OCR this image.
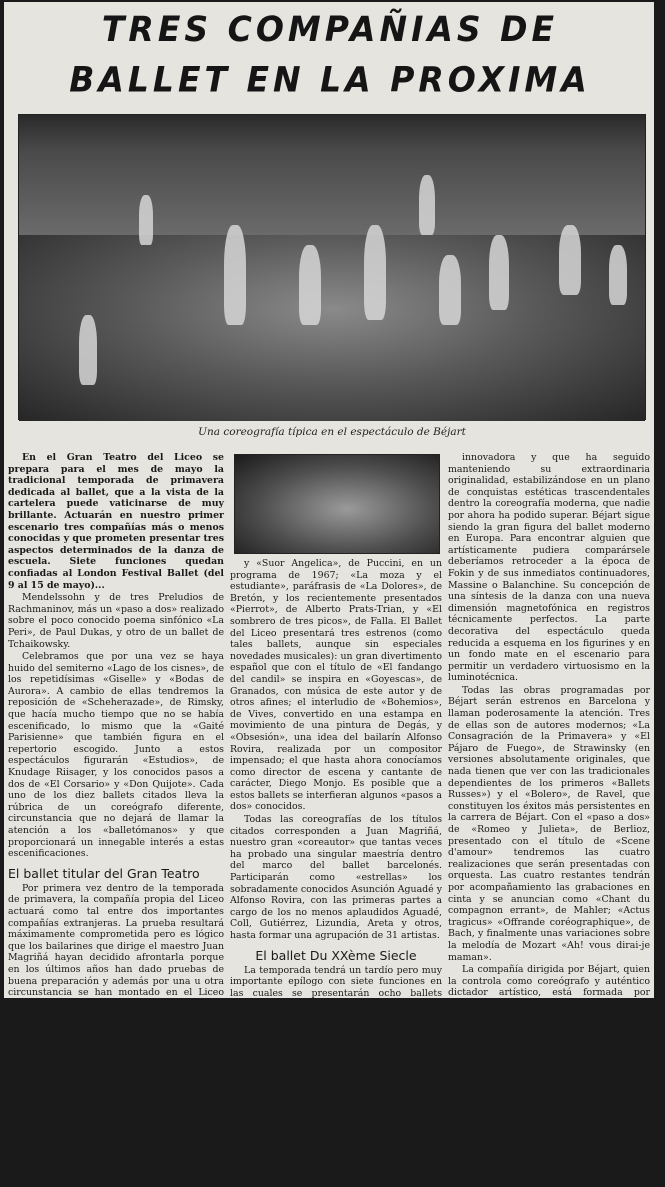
TRES COMPAÑIAS DE BALLET EN LA PROXIMA
Una coreografía típica en el espectáculo de Béjart

En el Gran Teatro del Liceo se prepara para el mes de mayo la tradicional temporada de primavera dedicada al ballet, que a la vista de la cartelera puede vaticinarse de muy brillante. Actuarán en nuestro primer escenario tres compañías más o menos conocidas y que prometen presentar tres aspectos determinados de la danza de escuela. Siete funciones quedan confiadas al London Festival Ballet (del 9 al 15 de mayo)...

Mendelssohn y de tres Preludios de Rachmaninov, más un «paso a dos» realizado sobre el poco conocido poema sinfónico «La Peri», de Paul Dukas, y otro de un ballet de Tchaikowsky.

Celebramos que por una vez se haya huido del semiterno «Lago de los cisnes», de los repetidísimas «Giselle» y «Bodas de Aurora». A cambio de ellas tendremos la reposición de «Scheherazade», de Rimsky, que hacía mucho tiempo que no se había escenificado, lo mismo que la «Gaité Parisienne» que también figura en el repertorio escogido. Junto a estos espectáculos figurarán «Estudios», de Knudage Riisager, y los conocidos pasos a dos de «El Corsario» y «Don Quijote». Cada uno de los diez ballets citados lleva la rúbrica de un coreógrafo diferente, circunstancia que no dejará de llamar la atención a los «balletómanos» y que proporcionará un innegable interés a estas escenificaciones.

El ballet titular del Gran Teatro

Por primera vez dentro de la temporada de primavera, la compañía propia del Liceo actuará como tal entre dos importantes compañías extranjeras. La prueba resultará máximamente comprometida pero es lógico que los bailarines que dirige el maestro Juan Magriñá hayan decidido afrontarla porque en los últimos años han dado pruebas de buena preparación y además por una u otra circunstancia se han montado en el Liceo varios ballets de carácter clásico-español que merecían una atención superior a la que el público les ha prestado al figurar en los programas operísticos como un complemento secundario. Son estos «A tiempo romántico», que si no recordamos mal se presentó junto con la ópera «María del Carmen», de Granados; «El duelo», del compositor

y «Suor Angelica», de Puccini, en un programa de 1967; «La moza y el estudiante», paráfrasis de «La Dolores», de Bretón, y los recientemente presentados «Pierrot», de Alberto Prats-Trian, y «El sombrero de tres picos», de Falla. El Ballet del Liceo presentará tres estrenos (como tales ballets, aunque sin especiales novedades musicales): un gran divertimento español que con el título de «El fandango del candil» se inspira en «Goyescas», de Granados, con música de este autor y de otros afines; el interludio de «Bohemios», de Vives, convertido en una estampa en movimiento de una pintura de Degás, y «Obsesión», una idea del bailarín Alfonso Rovira, realizada por un compositor impensado; el que hasta ahora conocíamos como director de escena y cantante de carácter, Diego Monjo. Es posible que a estos ballets se interfieran algunos «pasos a dos» conocidos.

Todas las coreografías de los títulos citados corresponden a Juan Magriñá, nuestro gran «coreautor» que tantas veces ha probado una singular maestría dentro del marco del ballet barcelonés. Participarán como «estrellas» los sobradamente conocidos Asunción Aguadé y Alfonso Rovira, con las primeras partes a cargo de los no menos aplaudidos Aguadé, Coll, Gutiérrez, Lizundia, Areta y otros, hasta formar una agrupación de 31 artistas.

El ballet Du XXème Siecle

La temporada tendrá un tardío pero muy importante epílogo con siete funciones en las cuales se presentarán ocho ballets nuevos en su concepción plástica del más famoso, discutido y aclamado de los coreógrafos europeos, Maurice Béjart. La compañía de Béjart ha actuado en muchos teatros donde hemos visto el progreso de su estética que en principio fue radicalmente

innovadora y que ha seguido manteniendo su extraordinaria originalidad, estabilizándose en un plano de conquistas estéticas trascendentales dentro la coreografía moderna, que nadie por ahora ha podido superar. Béjart sigue siendo la gran figura del ballet moderno en Europa. Para encontrar alguien que artísticamente pudiera comparársele deberíamos retroceder a la época de Fokin y de sus inmediatos continuadores, Massine o Balanchine. Su concepción de una síntesis de la danza con una nueva dimensión magnetofónica en registros técnicamente perfectos. La parte decorativa del espectáculo queda reducida a esquema en los figurines y en un fondo mate en el escenario para permitir un verdadero virtuosismo en la luminotécnica.

Todas las obras programadas por Béjart serán estrenos en Barcelona y llaman poderosamente la atención. Tres de ellas son de autores modernos; «La Consagración de la Primavera» y «El Pájaro de Fuego», de Strawinsky (en versiones absolutamente originales, que nada tienen que ver con las tradicionales dependientes de los primeros «Ballets Russes») y el «Bolero», de Ravel, que constituyen los éxitos más persistentes en la carrera de Béjart. Con el «paso a dos» de «Romeo y Julieta», de Berlioz, presentado con el título de «Scene d'amour» tendremos las cuatro realizaciones que serán presentadas con orquesta. Las cuatro restantes tendrán por acompañamiento las grabaciones en cinta y se anuncian como «Chant du compagnon errant», de Mahler; «Actus tragicus» «Offrande coréographique», de Bach, y finalmente unas variaciones sobre la melodía de Mozart «Ah! vous dirai-je maman».

La compañía dirigida por Béjart, quien la controla como coreógrafo y auténtico dictador artístico, está formada por sesenta intérpretes, entre los cuales —al menos en el programa— no se establecen jerarquías.

En cada uno de los espectáculos presentados, dos obras serán acompañadas por la orquesta que dirigirá Guy Barbier, y una se dará con música registrada.

Sin duda, estos siete espectáculos de Maurice Béjart darán un carácter de novedad absoluta a las tradiciones coreográficas del Liceo, necesitadas de la inyección de aire puro y renovado que entrará en nuestro primer escenario con la presencia del Ballet du XXème Siecle.

— X. M.
